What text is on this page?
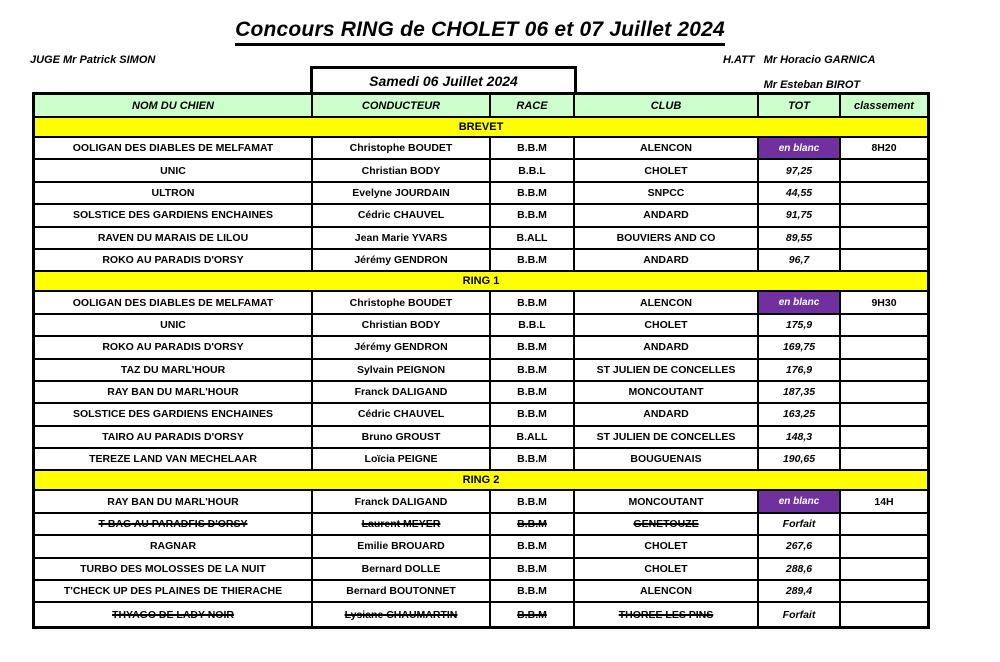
Concours RING de CHOLET 06 et 07 Juillet 2024
JUGE Mr Patrick SIMON	H.ATT Mr Horacio GARNICA
Mr Esteban BIROT
Samedi 06 Juillet 2024
NOM DU CHIEN	CONDUCTEUR	RACE	CLUB	TOT	classement
BREVET
OOLIGAN DES DIABLES DE MELFAMAT	Christophe BOUDET	B.B.M	ALENCON	en blanc	8H20
UNIC	Christian BODY	B.B.L	CHOLET	97,25
ULTRON	Evelyne JOURDAIN	B.B.M	SNPCC	44,55
SOLSTICE DES GARDIENS ENCHAINES	Cédric CHAUVEL	B.B.M	ANDARD	91,75
RAVEN DU MARAIS DE LILOU	Jean Marie YVARS	B.ALL	BOUVIERS AND CO	89,55
ROKO AU PARADIS D'ORSY	Jérémy GENDRON	B.B.M	ANDARD	96,7
RING 1
OOLIGAN DES DIABLES DE MELFAMAT	Christophe BOUDET	B.B.M	ALENCON	en blanc	9H30
UNIC	Christian BODY	B.B.L	CHOLET	175,9
ROKO AU PARADIS D'ORSY	Jérémy GENDRON	B.B.M	ANDARD	169,75
TAZ DU MARL'HOUR	Sylvain PEIGNON	B.B.M	ST JULIEN DE CONCELLES	176,9
RAY BAN DU MARL'HOUR	Franck DALIGAND	B.B.M	MONCOUTANT	187,35
SOLSTICE DES GARDIENS ENCHAINES	Cédric CHAUVEL	B.B.M	ANDARD	163,25
TAIRO AU PARADIS D'ORSY	Bruno GROUST	B.ALL	ST JULIEN DE CONCELLES	148,3
TEREZE LAND VAN MECHELAAR	Loïcia PEIGNE	B.B.M	BOUGUENAIS	190,65
RING 2
RAY BAN DU MARL'HOUR	Franck DALIGAND	B.B.M	MONCOUTANT	en blanc	14H
T BAG AU PARADFIS D'ORSY	Laurent MEYER	B.B.M	GENETOUZE	Forfait
RAGNAR	Emilie BROUARD	B.B.M	CHOLET	267,6
TURBO DES MOLOSSES DE LA NUIT	Bernard DOLLE	B.B.M	CHOLET	288,6
T'CHECK UP DES PLAINES DE THIERACHE	Bernard BOUTONNET	B.B.M	ALENCON	289,4
THYAGO DE LADY NOIR	Lysiane CHAUMARTIN	B.B.M	THOREE LES PINS	Forfait
